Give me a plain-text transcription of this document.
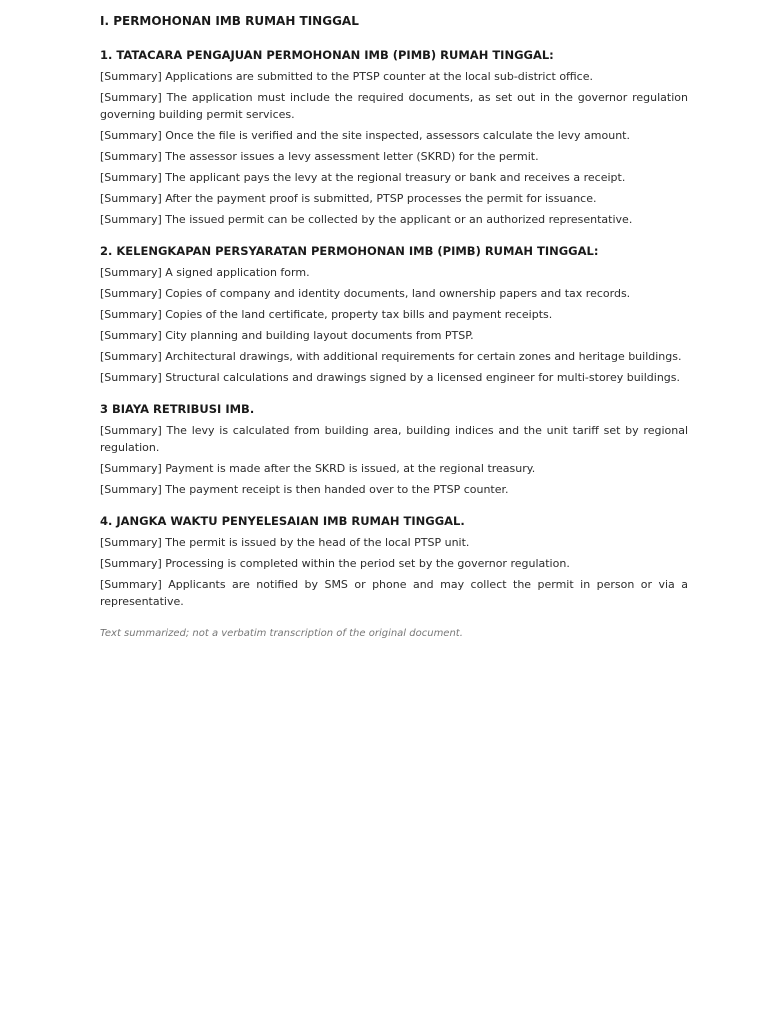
I. PERMOHONAN IMB RUMAH TINGGAL
1. TATACARA PENGAJUAN PERMOHONAN IMB (PIMB) RUMAH TINGGAL:
[Summary] Applications are submitted to the PTSP counter at the local sub-district office.
[Summary] The application must include the required documents, as set out in the governor regulation governing building permit services.
[Summary] Once the file is verified and the site inspected, assessors calculate the levy amount.
[Summary] The assessor issues a levy assessment letter (SKRD) for the permit.
[Summary] The applicant pays the levy at the regional treasury or bank and receives a receipt.
[Summary] After the payment proof is submitted, PTSP processes the permit for issuance.
[Summary] The issued permit can be collected by the applicant or an authorized representative.
2. KELENGKAPAN PERSYARATAN PERMOHONAN IMB (PIMB) RUMAH TINGGAL:
[Summary] A signed application form.
[Summary] Copies of company and identity documents, land ownership papers and tax records.
[Summary] Copies of the land certificate, property tax bills and payment receipts.
[Summary] City planning and building layout documents from PTSP.
[Summary] Architectural drawings, with additional requirements for certain zones and heritage buildings.
[Summary] Structural calculations and drawings signed by a licensed engineer for multi-storey buildings.
3 BIAYA RETRIBUSI IMB.
[Summary] The levy is calculated from building area, building indices and the unit tariff set by regional regulation.
[Summary] Payment is made after the SKRD is issued, at the regional treasury.
[Summary] The payment receipt is then handed over to the PTSP counter.
4. JANGKA WAKTU PENYELESAIAN IMB RUMAH TINGGAL.
[Summary] The permit is issued by the head of the local PTSP unit.
[Summary] Processing is completed within the period set by the governor regulation.
[Summary] Applicants are notified by SMS or phone and may collect the permit in person or via a representative.
Text summarized; not a verbatim transcription of the original document.
